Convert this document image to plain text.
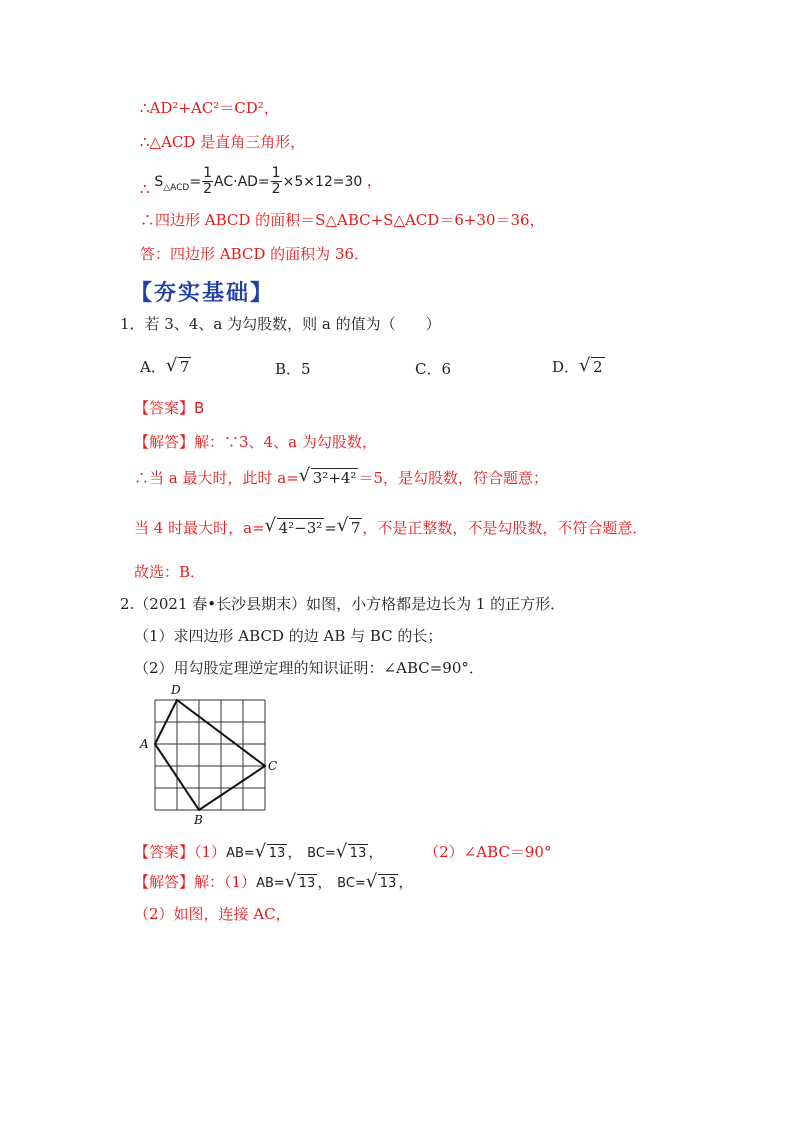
∴AD²+AC²＝CD²，
∴△ACD 是直角三角形，
∴ $S_{\triangle ACD}= \frac{1}{2} AC\cdot AD= \frac{1}{2} \times 5\times 12=30$ ，
∴四边形 ABCD 的面积＝S△ABC+S△ACD＝6+30＝36，
答：四边形 ABCD 的面积为 36．
【夯实基础】
1．若 3、4、a 为勾股数，则 a 的值为（　　）
A． √ 7	B．5	C．6	D． √ 2
【答案】B
【解答】解：∵3、4、a 为勾股数，
∴当 a 最大时，此时 a= √ 3²+4² ＝5，是勾股数，符合题意；
当 4 时最大时，a= √ 4²−3² = √ 7 ，不是正整数，不是勾股数，不符合题意．
故选：B．
2.（2021 春•长沙县期末）如图，小方格都是边长为 1 的正方形．
（1）求四边形 ABCD 的边 AB 与 BC 的长；
（2）用勾股定理逆定理的知识证明：∠ABC=90°．
A
D
C
B
【答案】（1）AB= √ 13 ， BC= √ 13 ，	（2）∠ABC＝90°
【解答】解：（1）AB= √ 13 ， BC= √ 13 ，
（2）如图，连接 AC，
